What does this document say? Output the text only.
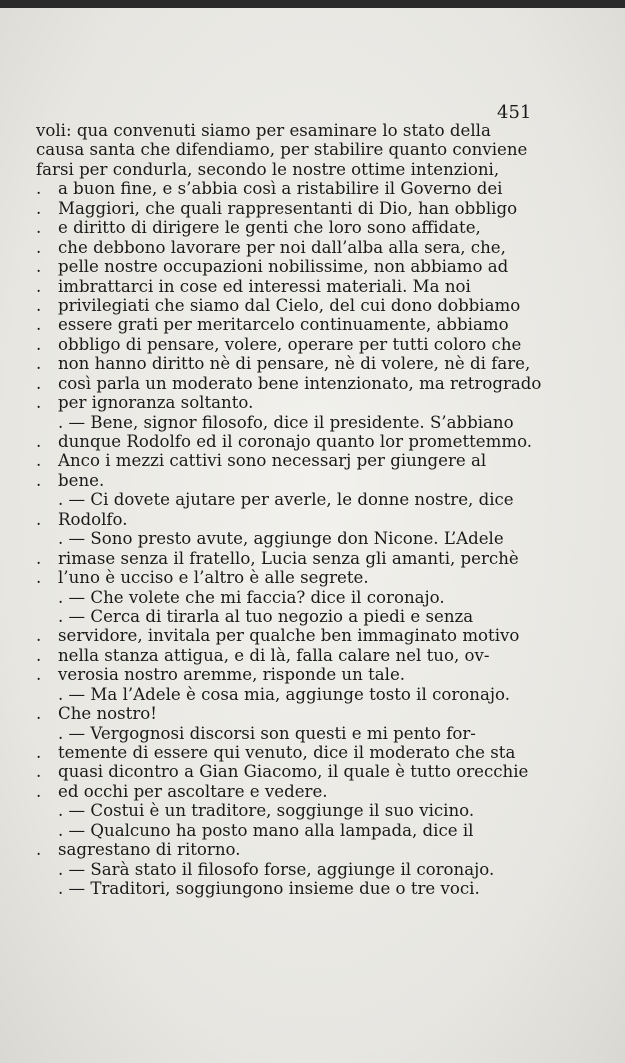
451
voli: qua convenuti siamo per esaminare lo stato della
causa santa che difendiamo, per stabilire quanto conviene
farsi per condurla, secondo le nostre ottime intenzioni,
.	a buon fine, e s’abbia così a ristabilire il Governo dei
.	Maggiori, che quali rappresentanti di Dio, han obbligo
.	e diritto di dirigere le genti che loro sono affidate,
.	che debbono lavorare per noi dall’alba alla sera, che,
.	pelle nostre occupazioni nobilissime, non abbiamo ad
.	imbrattarci in cose ed interessi materiali. Ma noi
.	privilegiati che siamo dal Cielo, del cui dono dobbiamo
.	essere grati per meritarcelo continuamente, abbiamo
.	obbligo di pensare, volere, operare per tutti coloro che
.	non hanno diritto nè di pensare, nè di volere, nè di fare,
.	così parla un moderato bene intenzionato, ma retrogrado
.	per ignoranza soltanto.
. — Bene, signor filosofo, dice il presidente. S’abbiano
.	dunque Rodolfo ed il coronajo quanto lor promettemmo.
.	Anco i mezzi cattivi sono necessarj per giungere al
.	bene.
. — Ci dovete ajutare per averle, le donne nostre, dice
.	Rodolfo.
. — Sono presto avute, aggiunge don Nicone. L’Adele
.	rimase senza il fratello, Lucia senza gli amanti, perchè
.	l’uno è ucciso e l’altro è alle segrete.
. — Che volete che mi faccia? dice il coronajo.
. — Cerca di tirarla al tuo negozio a piedi e senza
.	servidore, invitala per qualche ben immaginato motivo
.	nella stanza attigua, e di là, falla calare nel tuo, ov-
.	verosia nostro aremme, risponde un tale.
. — Ma l’Adele è cosa mia, aggiunge tosto il coronajo.
.	Che nostro!
. — Vergognosi discorsi son questi e mi pento for-
.	temente di essere qui venuto, dice il moderato che sta
.	quasi dicontro a Gian Giacomo, il quale è tutto orecchie
.	ed occhi per ascoltare e vedere.
. — Costui è un traditore, soggiunge il suo vicino.
. — Qualcuno ha posto mano alla lampada, dice il
.	sagrestano di ritorno.
. — Sarà stato il filosofo forse, aggiunge il coronajo.
. — Traditori, soggiungono insieme due o tre voci.
